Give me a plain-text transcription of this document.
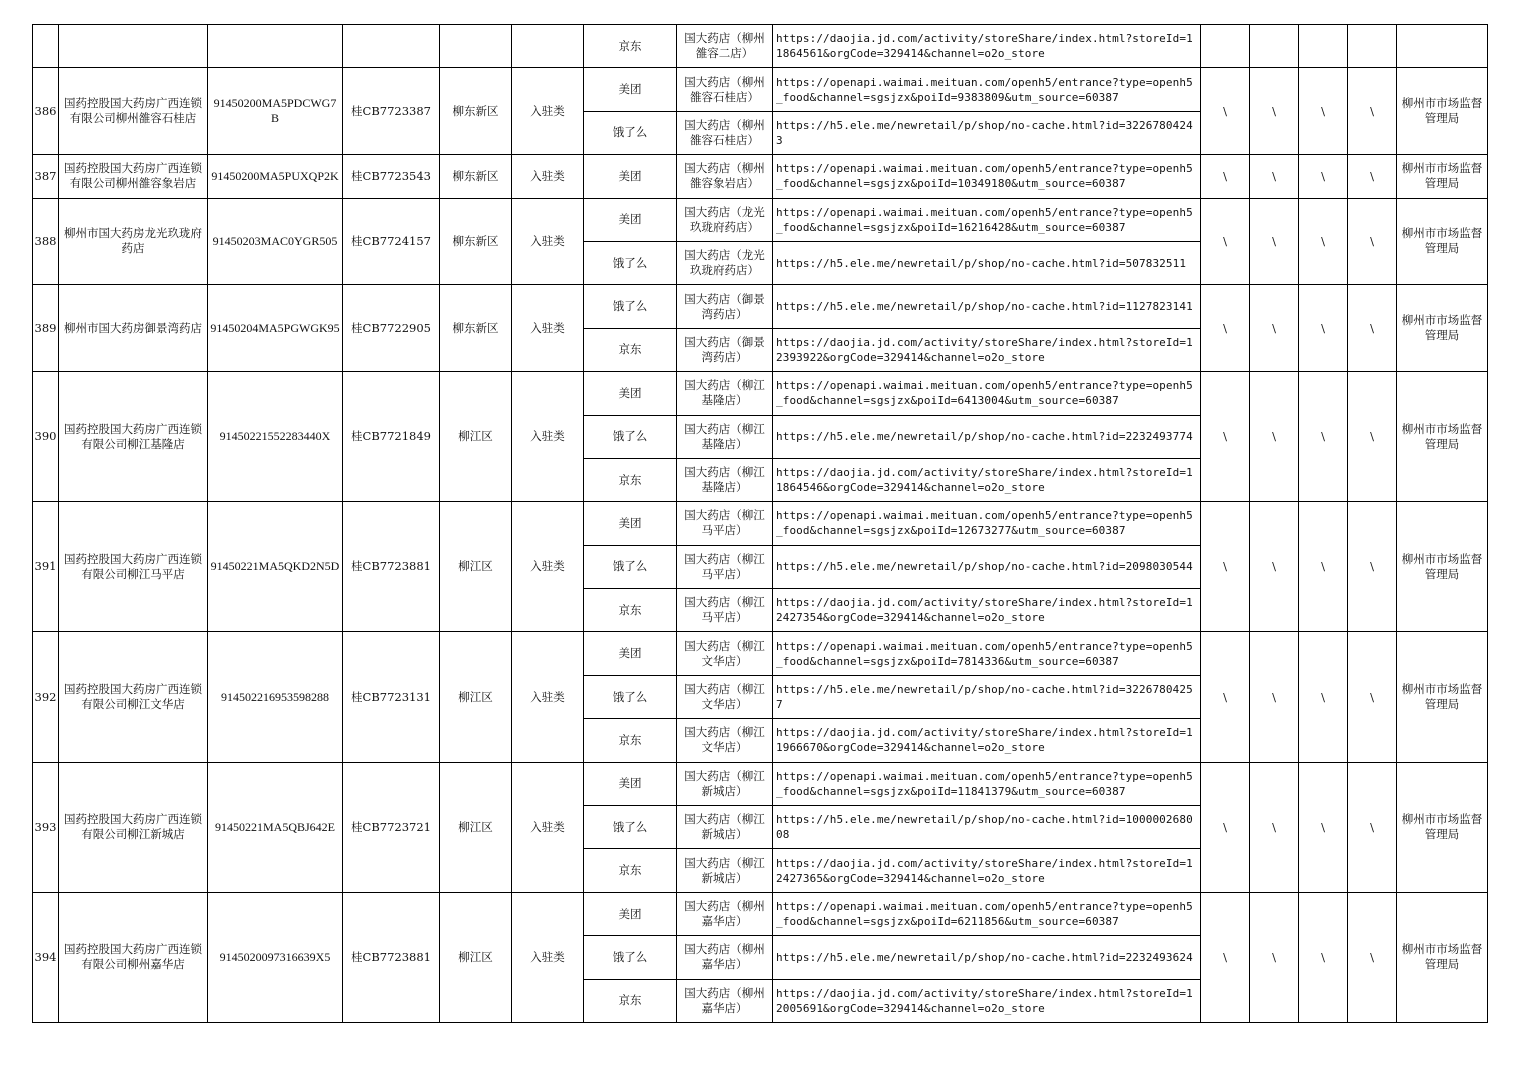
						京东	国大药店（柳州雒容二店）	https://daojia.jd.com/activity/storeShare/index.html?storeId=11864561&orgCode=329414&channel=o2o_store					
386	国药控股国大药房广西连锁有限公司柳州雒容石桂店	91450200MA5PDCWG7B	桂CB7723387	柳东新区	入驻类	美团	国大药店（柳州雒容石桂店）	https://openapi.waimai.meituan.com/openh5/entrance?type=openh5_food&channel=sgsjzx&poiId=9383809&utm_source=60387	\	\	\	\	柳州市市场监督管理局
						饿了么	国大药店（柳州雒容石桂店）	https://h5.ele.me/newretail/p/shop/no-cache.html?id=32267804243					
387	国药控股国大药房广西连锁有限公司柳州雒容象岩店	91450200MA5PUXQP2K	桂CB7723543	柳东新区	入驻类	美团	国大药店（柳州雒容象岩店）	https://openapi.waimai.meituan.com/openh5/entrance?type=openh5_food&channel=sgsjzx&poiId=10349180&utm_source=60387	\	\	\	\	柳州市市场监督管理局
388	柳州市国大药房龙光玖珑府药店	91450203MAC0YGR505	桂CB7724157	柳东新区	入驻类	美团	国大药店（龙光玖珑府药店）	https://openapi.waimai.meituan.com/openh5/entrance?type=openh5_food&channel=sgsjzx&poiId=16216428&utm_source=60387	\	\	\	\	柳州市市场监督管理局
						饿了么	国大药店（龙光玖珑府药店）	https://h5.ele.me/newretail/p/shop/no-cache.html?id=507832511					
389	柳州市国大药房御景湾药店	91450204MA5PGWGK95	桂CB7722905	柳东新区	入驻类	饿了么	国大药店（御景湾药店）	https://h5.ele.me/newretail/p/shop/no-cache.html?id=1127823141	\	\	\	\	柳州市市场监督管理局
						京东	国大药店（御景湾药店）	https://daojia.jd.com/activity/storeShare/index.html?storeId=12393922&orgCode=329414&channel=o2o_store					
390	国药控股国大药房广西连锁有限公司柳江基隆店	91450221552283440X	桂CB7721849	柳江区	入驻类	美团	国大药店（柳江基隆店）	https://openapi.waimai.meituan.com/openh5/entrance?type=openh5_food&channel=sgsjzx&poiId=6413004&utm_source=60387	\	\	\	\	柳州市市场监督管理局
						饿了么	国大药店（柳江基隆店）	https://h5.ele.me/newretail/p/shop/no-cache.html?id=2232493774					
						京东	国大药店（柳江基隆店）	https://daojia.jd.com/activity/storeShare/index.html?storeId=11864546&orgCode=329414&channel=o2o_store					
391	国药控股国大药房广西连锁有限公司柳江马平店	91450221MA5QKD2N5D	桂CB7723881	柳江区	入驻类	美团	国大药店（柳江马平店）	https://openapi.waimai.meituan.com/openh5/entrance?type=openh5_food&channel=sgsjzx&poiId=12673277&utm_source=60387	\	\	\	\	柳州市市场监督管理局
						饿了么	国大药店（柳江马平店）	https://h5.ele.me/newretail/p/shop/no-cache.html?id=2098030544					
						京东	国大药店（柳江马平店）	https://daojia.jd.com/activity/storeShare/index.html?storeId=12427354&orgCode=329414&channel=o2o_store					
392	国药控股国大药房广西连锁有限公司柳江文华店	914502216953598288	桂CB7723131	柳江区	入驻类	美团	国大药店（柳江文华店）	https://openapi.waimai.meituan.com/openh5/entrance?type=openh5_food&channel=sgsjzx&poiId=7814336&utm_source=60387	\	\	\	\	柳州市市场监督管理局
						饿了么	国大药店（柳江文华店）	https://h5.ele.me/newretail/p/shop/no-cache.html?id=32267804257					
						京东	国大药店（柳江文华店）	https://daojia.jd.com/activity/storeShare/index.html?storeId=11966670&orgCode=329414&channel=o2o_store					
393	国药控股国大药房广西连锁有限公司柳江新城店	91450221MA5QBJ642E	桂CB7723721	柳江区	入驻类	美团	国大药店（柳江新城店）	https://openapi.waimai.meituan.com/openh5/entrance?type=openh5_food&channel=sgsjzx&poiId=11841379&utm_source=60387	\	\	\	\	柳州市市场监督管理局
						饿了么	国大药店（柳江新城店）	https://h5.ele.me/newretail/p/shop/no-cache.html?id=100000268008					
						京东	国大药店（柳江新城店）	https://daojia.jd.com/activity/storeShare/index.html?storeId=12427365&orgCode=329414&channel=o2o_store					
394	国药控股国大药房广西连锁有限公司柳州嘉华店	9145020097316639X5	桂CB7723881	柳江区	入驻类	美团	国大药店（柳州嘉华店）	https://openapi.waimai.meituan.com/openh5/entrance?type=openh5_food&channel=sgsjzx&poiId=6211856&utm_source=60387	\	\	\	\	柳州市市场监督管理局
						饿了么	国大药店（柳州嘉华店）	https://h5.ele.me/newretail/p/shop/no-cache.html?id=2232493624					
						京东	国大药店（柳州嘉华店）	https://daojia.jd.com/activity/storeShare/index.html?storeId=12005691&orgCode=329414&channel=o2o_store					
